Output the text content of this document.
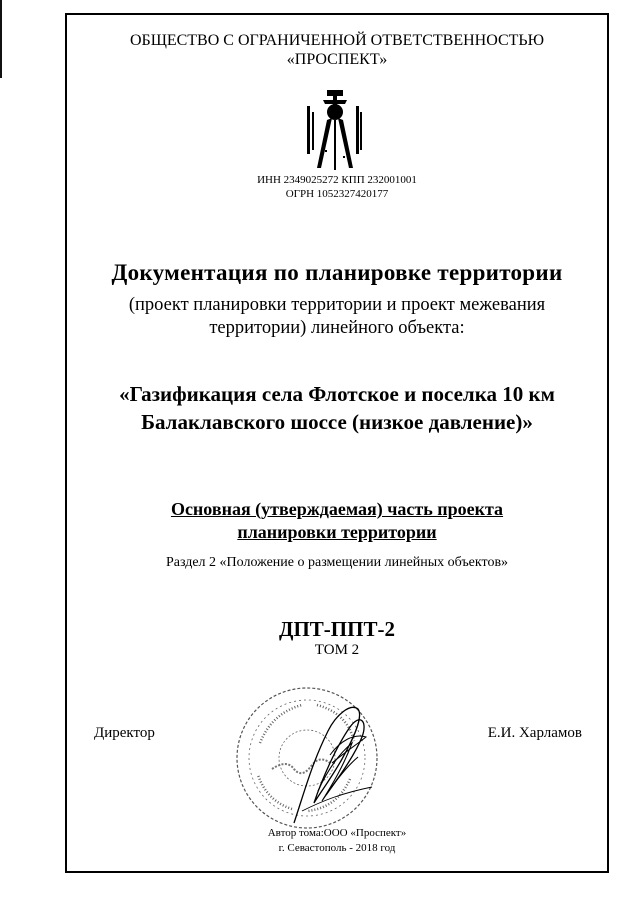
ОБЩЕСТВО С ОГРАНИЧЕННОЙ ОТВЕТСТВЕННОСТЬЮ
«ПРОСПЕКТ»
ИНН 2349025272 КПП 232001001
ОГРН 1052327420177
Документация по планировке территории
(проект планировки территории и проект межевания
территории) линейного объекта:
«Газификация села Флотское и поселка 10 км
Балаклавского шоссе (низкое давление)»
Основная (утверждаемая) часть проекта
планировки территории
Раздел 2 «Положение о размещении линейных объектов»
ДПТ-ППТ-2
ТОМ 2
Директор	Е.И. Харламов
Автор тома:ООО «Проспект»
г. Севастополь - 2018 год
